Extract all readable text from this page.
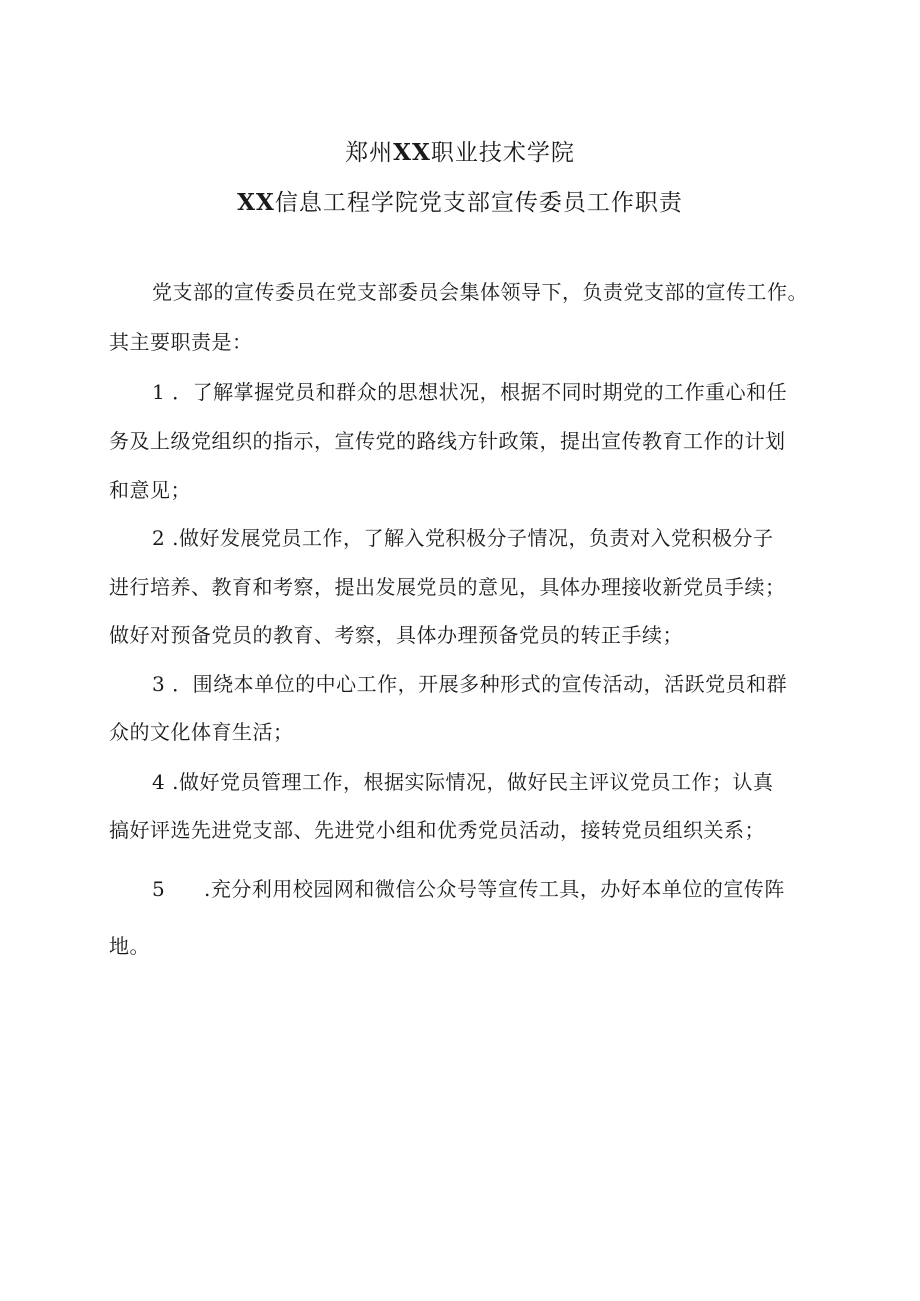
郑州XX职业技术学院
XX信息工程学院党支部宣传委员工作职责
党支部的宣传委员在党支部委员会集体领导下，负责党支部的宣传工作。
其主要职责是：
1 ．了解掌握党员和群众的思想状况，根据不同时期党的工作重心和任
务及上级党组织的指示，宣传党的路线方针政策，提出宣传教育工作的计划
和意见；
2 .做好发展党员工作，了解入党积极分子情况，负责对入党积极分子
进行培养、教育和考察，提出发展党员的意见，具体办理接收新党员手续；
做好对预备党员的教育、考察，具体办理预备党员的转正手续；
3 ．围绕本单位的中心工作，开展多种形式的宣传活动，活跃党员和群
众的文化体育生活；
4 .做好党员管理工作，根据实际情况，做好民主评议党员工作；认真
搞好评选先进党支部、先进党小组和优秀党员活动，接转党员组织关系；
5 .充分利用校园网和微信公众号等宣传工具，办好本单位的宣传阵
地。
